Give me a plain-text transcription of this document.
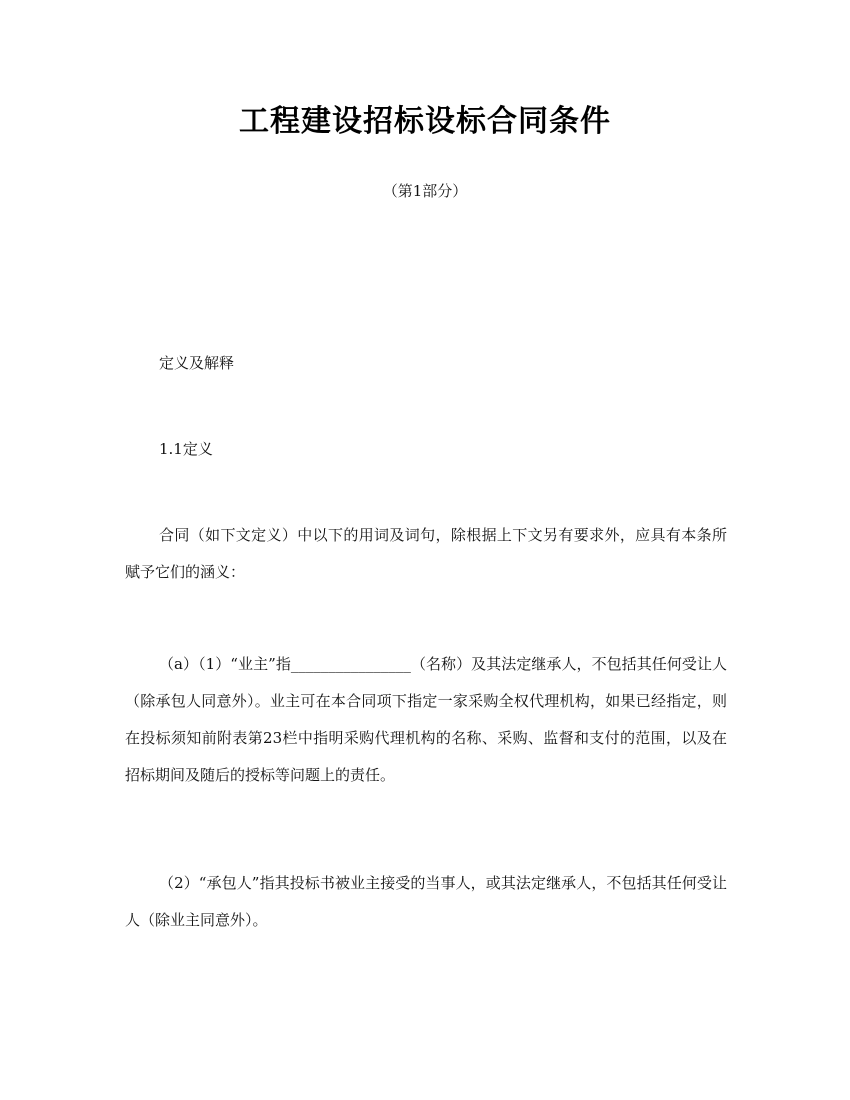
工程建设招标设标合同条件
（第1部分）
定义及解释
1.1定义

合同（如下文定义）中以下的用词及词句，除根据上下文另有要求外，应具有本条所赋予它们的涵义：

（a）（1）“业主”指________________（名称）及其法定继承人，不包括其任何受让人（除承包人同意外）。业主可在本合同项下指定一家采购全权代理机构，如果已经指定，则在投标须知前附表第23栏中指明采购代理机构的名称、采购、监督和支付的范围，以及在招标期间及随后的授标等问题上的责任。

（2）“承包人”指其投标书被业主接受的当事人，或其法定继承人，不包括其任何受让人（除业主同意外）。
